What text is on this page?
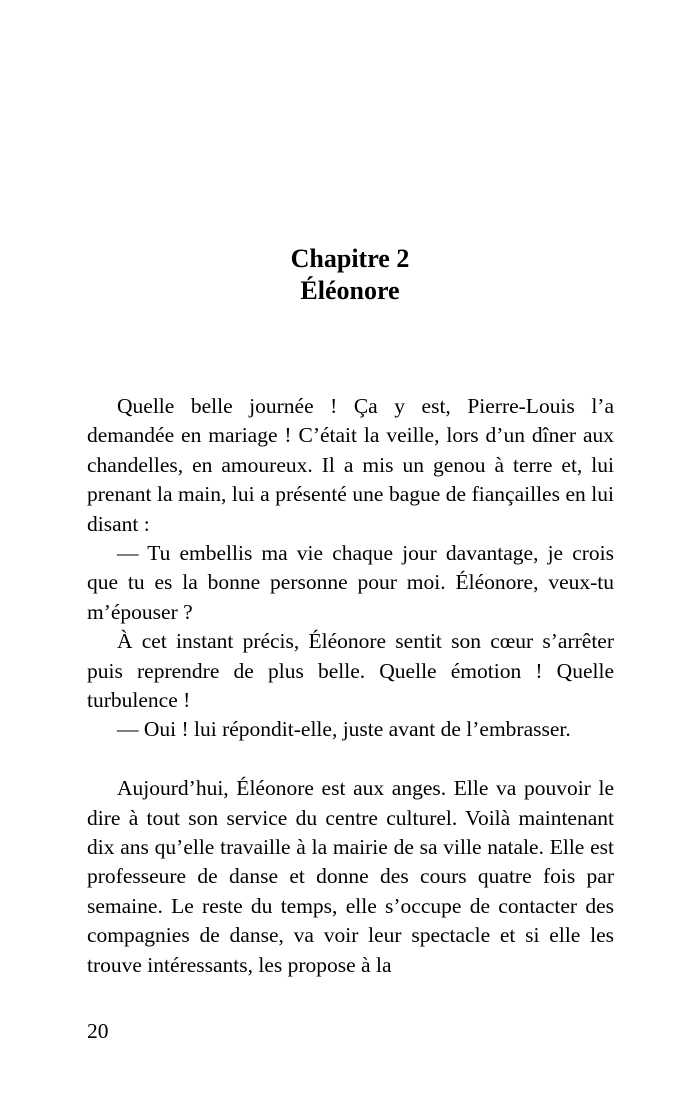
Chapitre 2
Éléonore

Quelle belle journée ! Ça y est, Pierre-Louis l’a demandée en mariage ! C’était la veille, lors d’un dîner aux chandelles, en amoureux. Il a mis un genou à terre et, lui prenant la main, lui a présenté une bague de fiançailles en lui disant :

— Tu embellis ma vie chaque jour davantage, je crois que tu es la bonne personne pour moi. Éléonore, veux-tu m’épouser ?

À cet instant précis, Éléonore sentit son cœur s’arrêter puis reprendre de plus belle. Quelle émotion ! Quelle turbulence !

— Oui ! lui répondit-elle, juste avant de l’embrasser.

Aujourd’hui, Éléonore est aux anges. Elle va pouvoir le dire à tout son service du centre culturel. Voilà maintenant dix ans qu’elle travaille à la mairie de sa ville natale. Elle est professeure de danse et donne des cours quatre fois par semaine. Le reste du temps, elle s’occupe de contacter des compagnies de danse, va voir leur spectacle et si elle les trouve intéressants, les propose à la

20
